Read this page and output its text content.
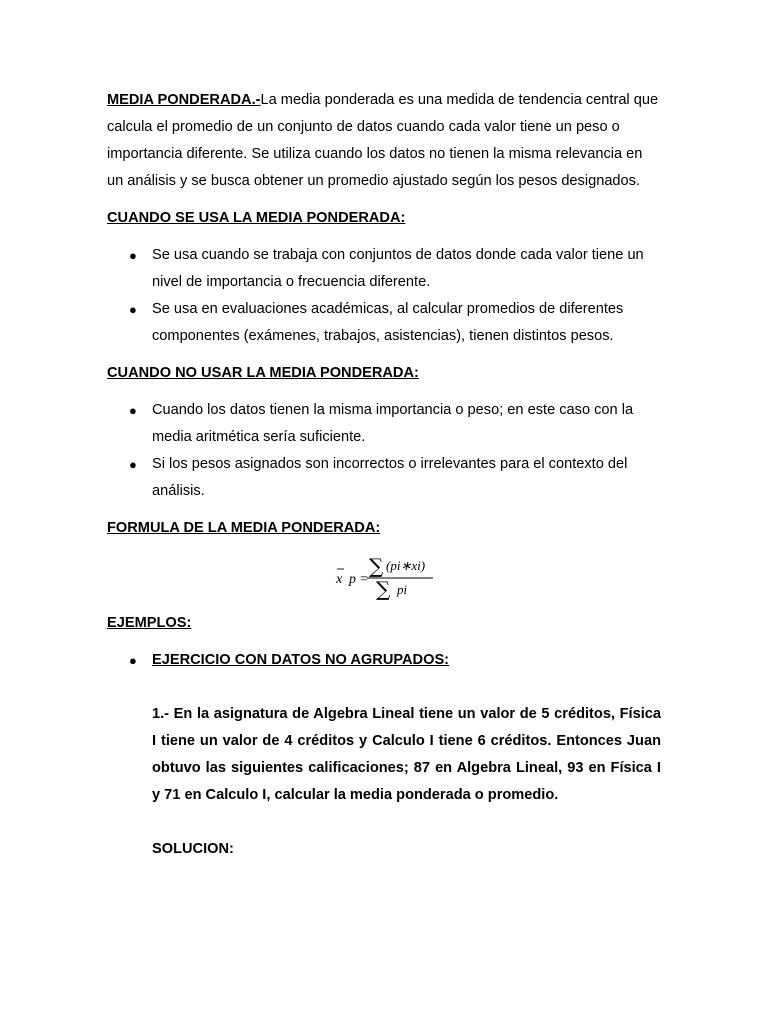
MEDIA PONDERADA.-La media ponderada es una medida de tendencia central que calcula el promedio de un conjunto de datos cuando cada valor tiene un peso o importancia diferente. Se utiliza cuando los datos no tienen la misma relevancia en un análisis y se busca obtener un promedio ajustado según los pesos designados.

CUANDO SE USA LA MEDIA PONDERADA:

● Se usa cuando se trabaja con conjuntos de datos donde cada valor tiene un nivel de importancia o frecuencia diferente.
● Se usa en evaluaciones académicas, al calcular promedios de diferentes componentes (exámenes, trabajos, asistencias), tienen distintos pesos.

CUANDO NO USAR LA MEDIA PONDERADA:

● Cuando los datos tienen la misma importancia o peso; en este caso con la media aritmética sería suficiente.
● Si los pesos asignados son incorrectos o irrelevantes para el contexto del análisis.

FORMULA DE LA MEDIA PONDERADA:

x p =
∑ (pi∗xi)
∑ pi

EJEMPLOS:

● EJERCICIO CON DATOS NO AGRUPADOS:

1.- En la asignatura de Algebra Lineal tiene un valor de 5 créditos, Física I tiene un valor de 4 créditos y Calculo I tiene 6 créditos. Entonces Juan obtuvo las siguientes calificaciones; 87 en Algebra Lineal, 93 en Física I y 71 en Calculo I, calcular la media ponderada o promedio.

SOLUCION:
